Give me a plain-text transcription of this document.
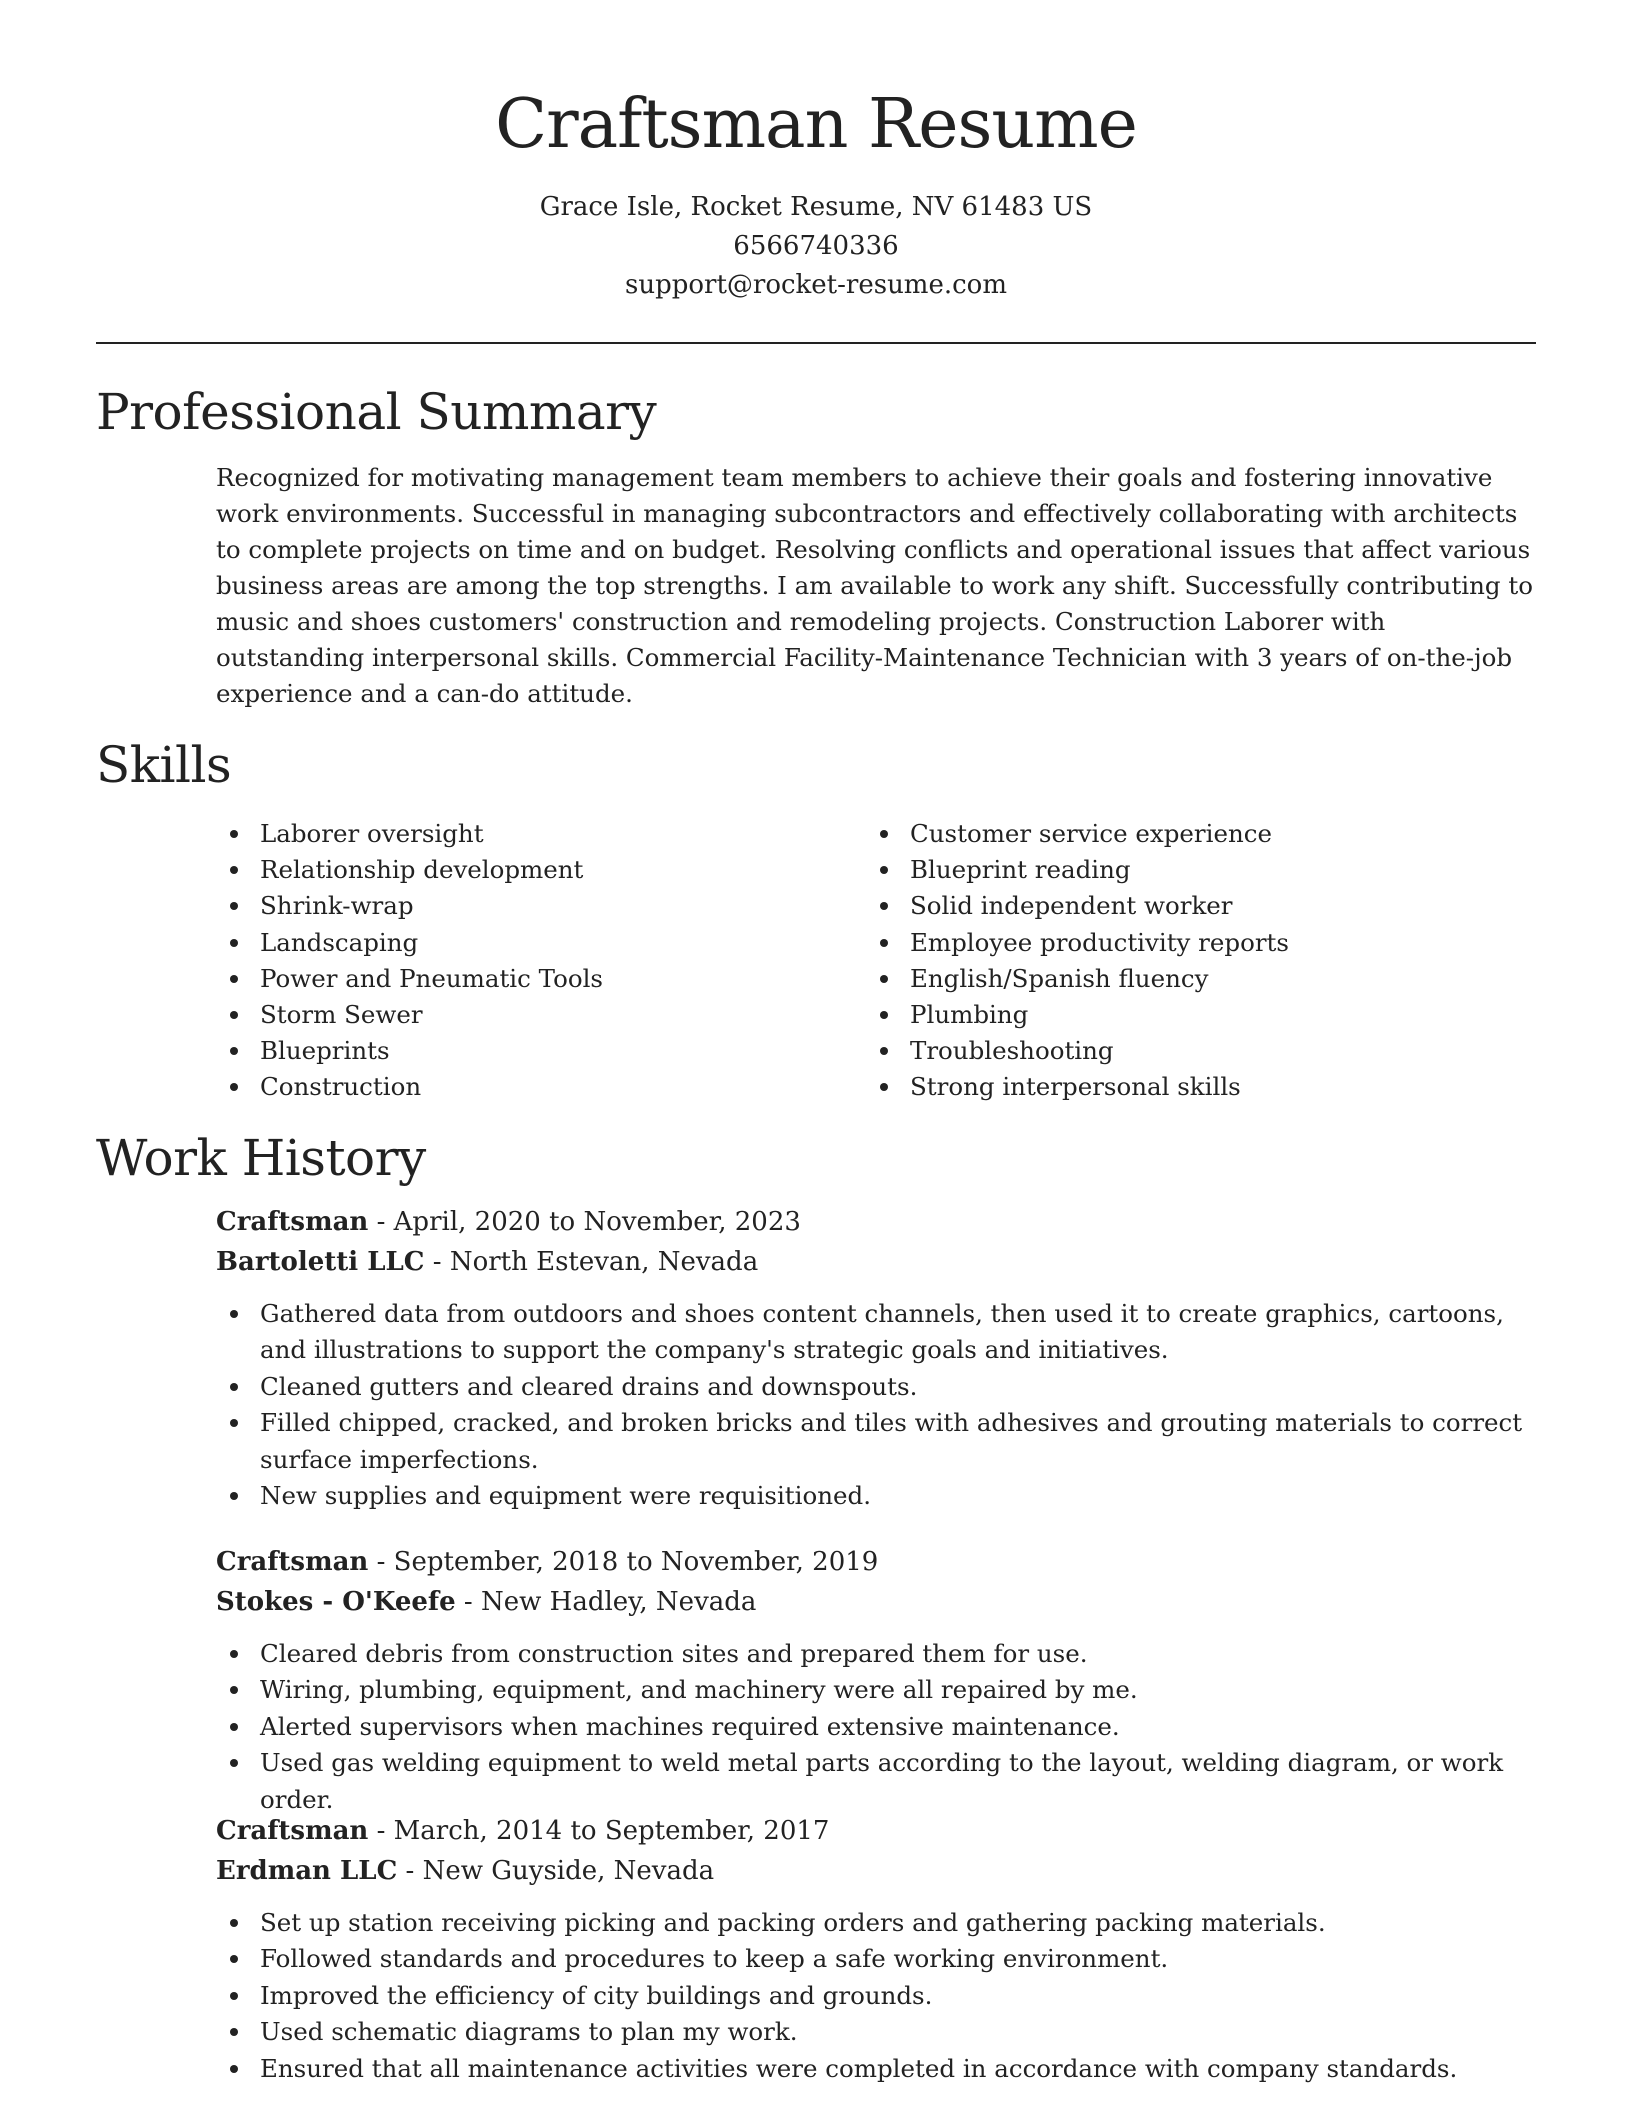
Craftsman Resume
Grace Isle, Rocket Resume, NV 61483 US
6566740336
support@rocket-resume.com
Professional Summary

Recognized for motivating management team members to achieve their goals and fostering innovative work environments. Successful in managing subcontractors and effectively collaborating with architects to complete projects on time and on budget. Resolving conflicts and operational issues that affect various business areas are among the top strengths. I am available to work any shift. Successfully contributing to music and shoes customers' construction and remodeling projects. Construction Laborer with outstanding interpersonal skills. Commercial Facility-Maintenance Technician with 3 years of on-the-job experience and a can-do attitude.

Skills
Laborer oversight
Relationship development
Shrink-wrap
Landscaping
Power and Pneumatic Tools
Storm Sewer
Blueprints
Construction
Customer service experience
Blueprint reading
Solid independent worker
Employee productivity reports
English/Spanish fluency
Plumbing
Troubleshooting
Strong interpersonal skills
Work History
Craftsman - April, 2020 to November, 2023
Bartoletti LLC - North Estevan, Nevada
Gathered data from outdoors and shoes content channels, then used it to create graphics, cartoons, and illustrations to support the company's strategic goals and initiatives.
Cleaned gutters and cleared drains and downspouts.
Filled chipped, cracked, and broken bricks and tiles with adhesives and grouting materials to correct surface imperfections.
New supplies and equipment were requisitioned.
Craftsman - September, 2018 to November, 2019
Stokes - O'Keefe - New Hadley, Nevada
Cleared debris from construction sites and prepared them for use.
Wiring, plumbing, equipment, and machinery were all repaired by me.
Alerted supervisors when machines required extensive maintenance.
Used gas welding equipment to weld metal parts according to the layout, welding diagram, or work order.
Craftsman - March, 2014 to September, 2017
Erdman LLC - New Guyside, Nevada
Set up station receiving picking and packing orders and gathering packing materials.
Followed standards and procedures to keep a safe working environment.
Improved the efficiency of city buildings and grounds.
Used schematic diagrams to plan my work.
Ensured that all maintenance activities were completed in accordance with company standards.
